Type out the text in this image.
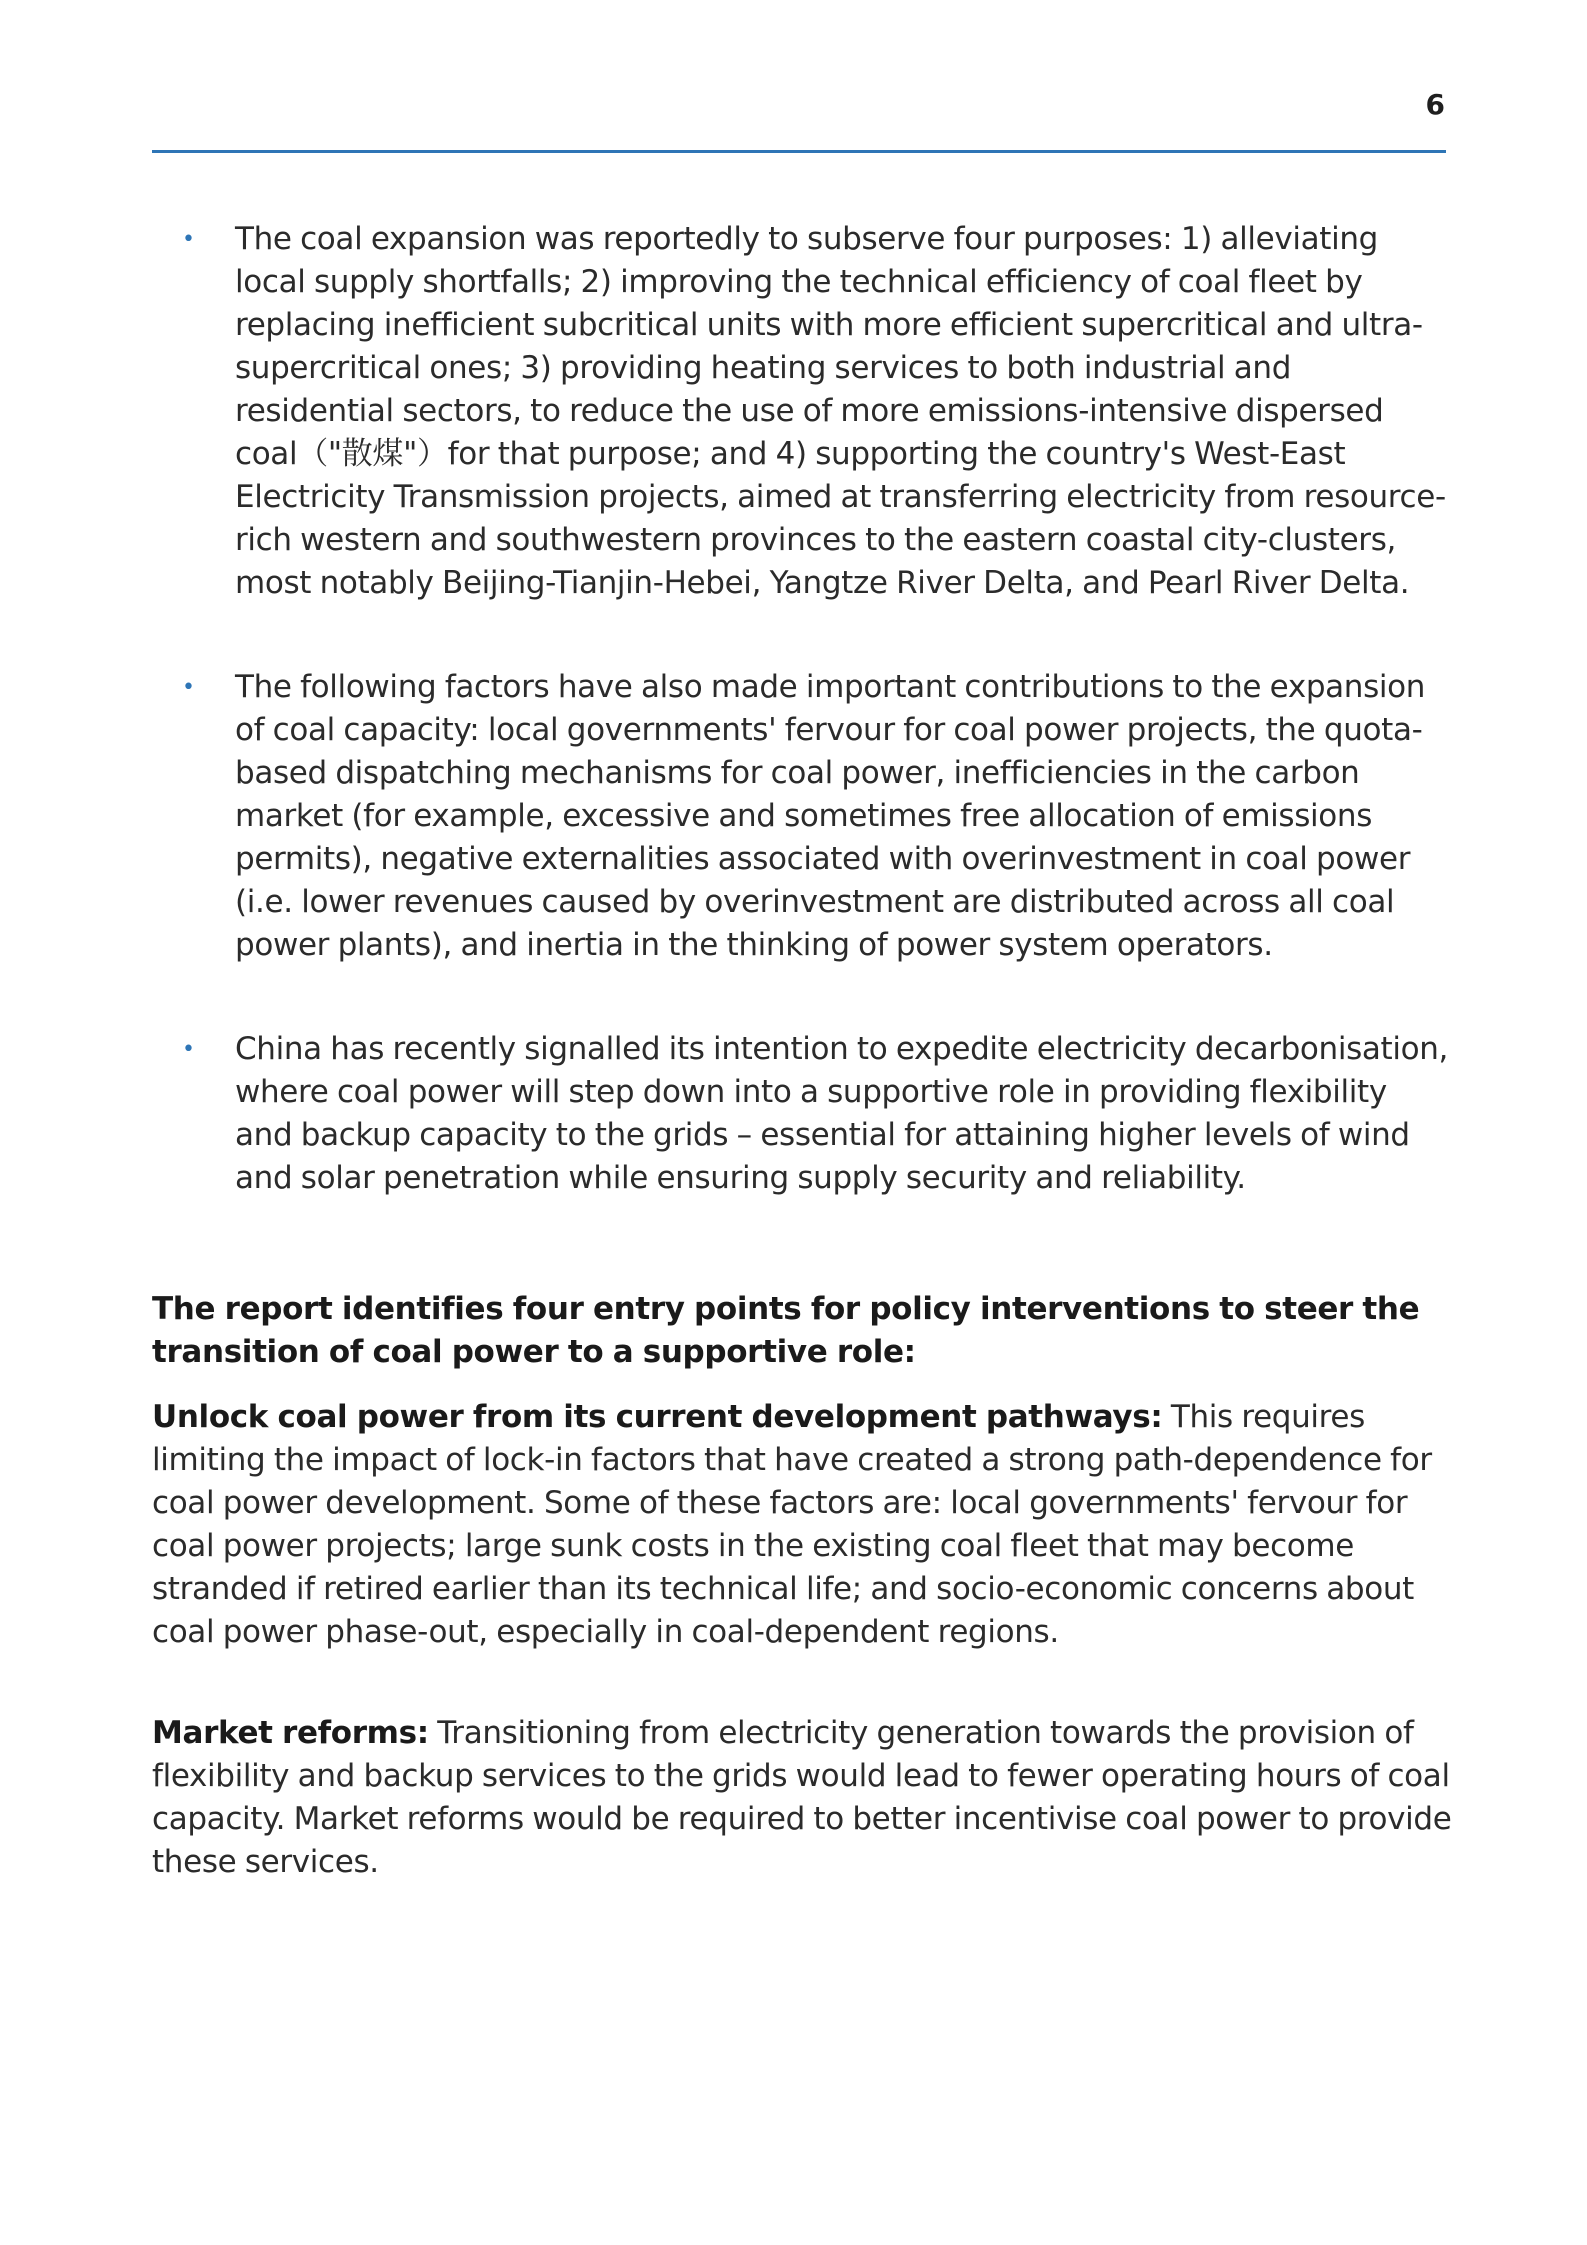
6
• The coal expansion was reportedly to subserve four purposes: 1) alleviating local supply shortfalls; 2) improving the technical efficiency of coal fleet by replacing inefficient subcritical units with more efficient supercritical and ultra-supercritical ones; 3) providing heating services to both industrial and residential sectors, to reduce the use of more emissions-intensive dispersed coal（"散煤"）for that purpose; and 4) supporting the country's West-East Electricity Transmission projects, aimed at transferring electricity from resource-rich western and southwestern provinces to the eastern coastal city-clusters, most notably Beijing-Tianjin-Hebei, Yangtze River Delta, and Pearl River Delta.
• The following factors have also made important contributions to the expansion of coal capacity: local governments' fervour for coal power projects, the quota-based dispatching mechanisms for coal power, inefficiencies in the carbon market (for example, excessive and sometimes free allocation of emissions permits), negative externalities associated with overinvestment in coal power (i.e. lower revenues caused by overinvestment are distributed across all coal power plants), and inertia in the thinking of power system operators.
• China has recently signalled its intention to expedite electricity decarbonisation, where coal power will step down into a supportive role in providing flexibility and backup capacity to the grids – essential for attaining higher levels of wind and solar penetration while ensuring supply security and reliability.

The report identifies four entry points for policy interventions to steer the transition of coal power to a supportive role:

Unlock coal power from its current development pathways: This requires limiting the impact of lock-in factors that have created a strong path-dependence for coal power development. Some of these factors are: local governments' fervour for coal power projects; large sunk costs in the existing coal fleet that may become stranded if retired earlier than its technical life; and socio-economic concerns about coal power phase-out, especially in coal-dependent regions.

Market reforms: Transitioning from electricity generation towards the provision of flexibility and backup services to the grids would lead to fewer operating hours of coal capacity. Market reforms would be required to better incentivise coal power to provide these services.
